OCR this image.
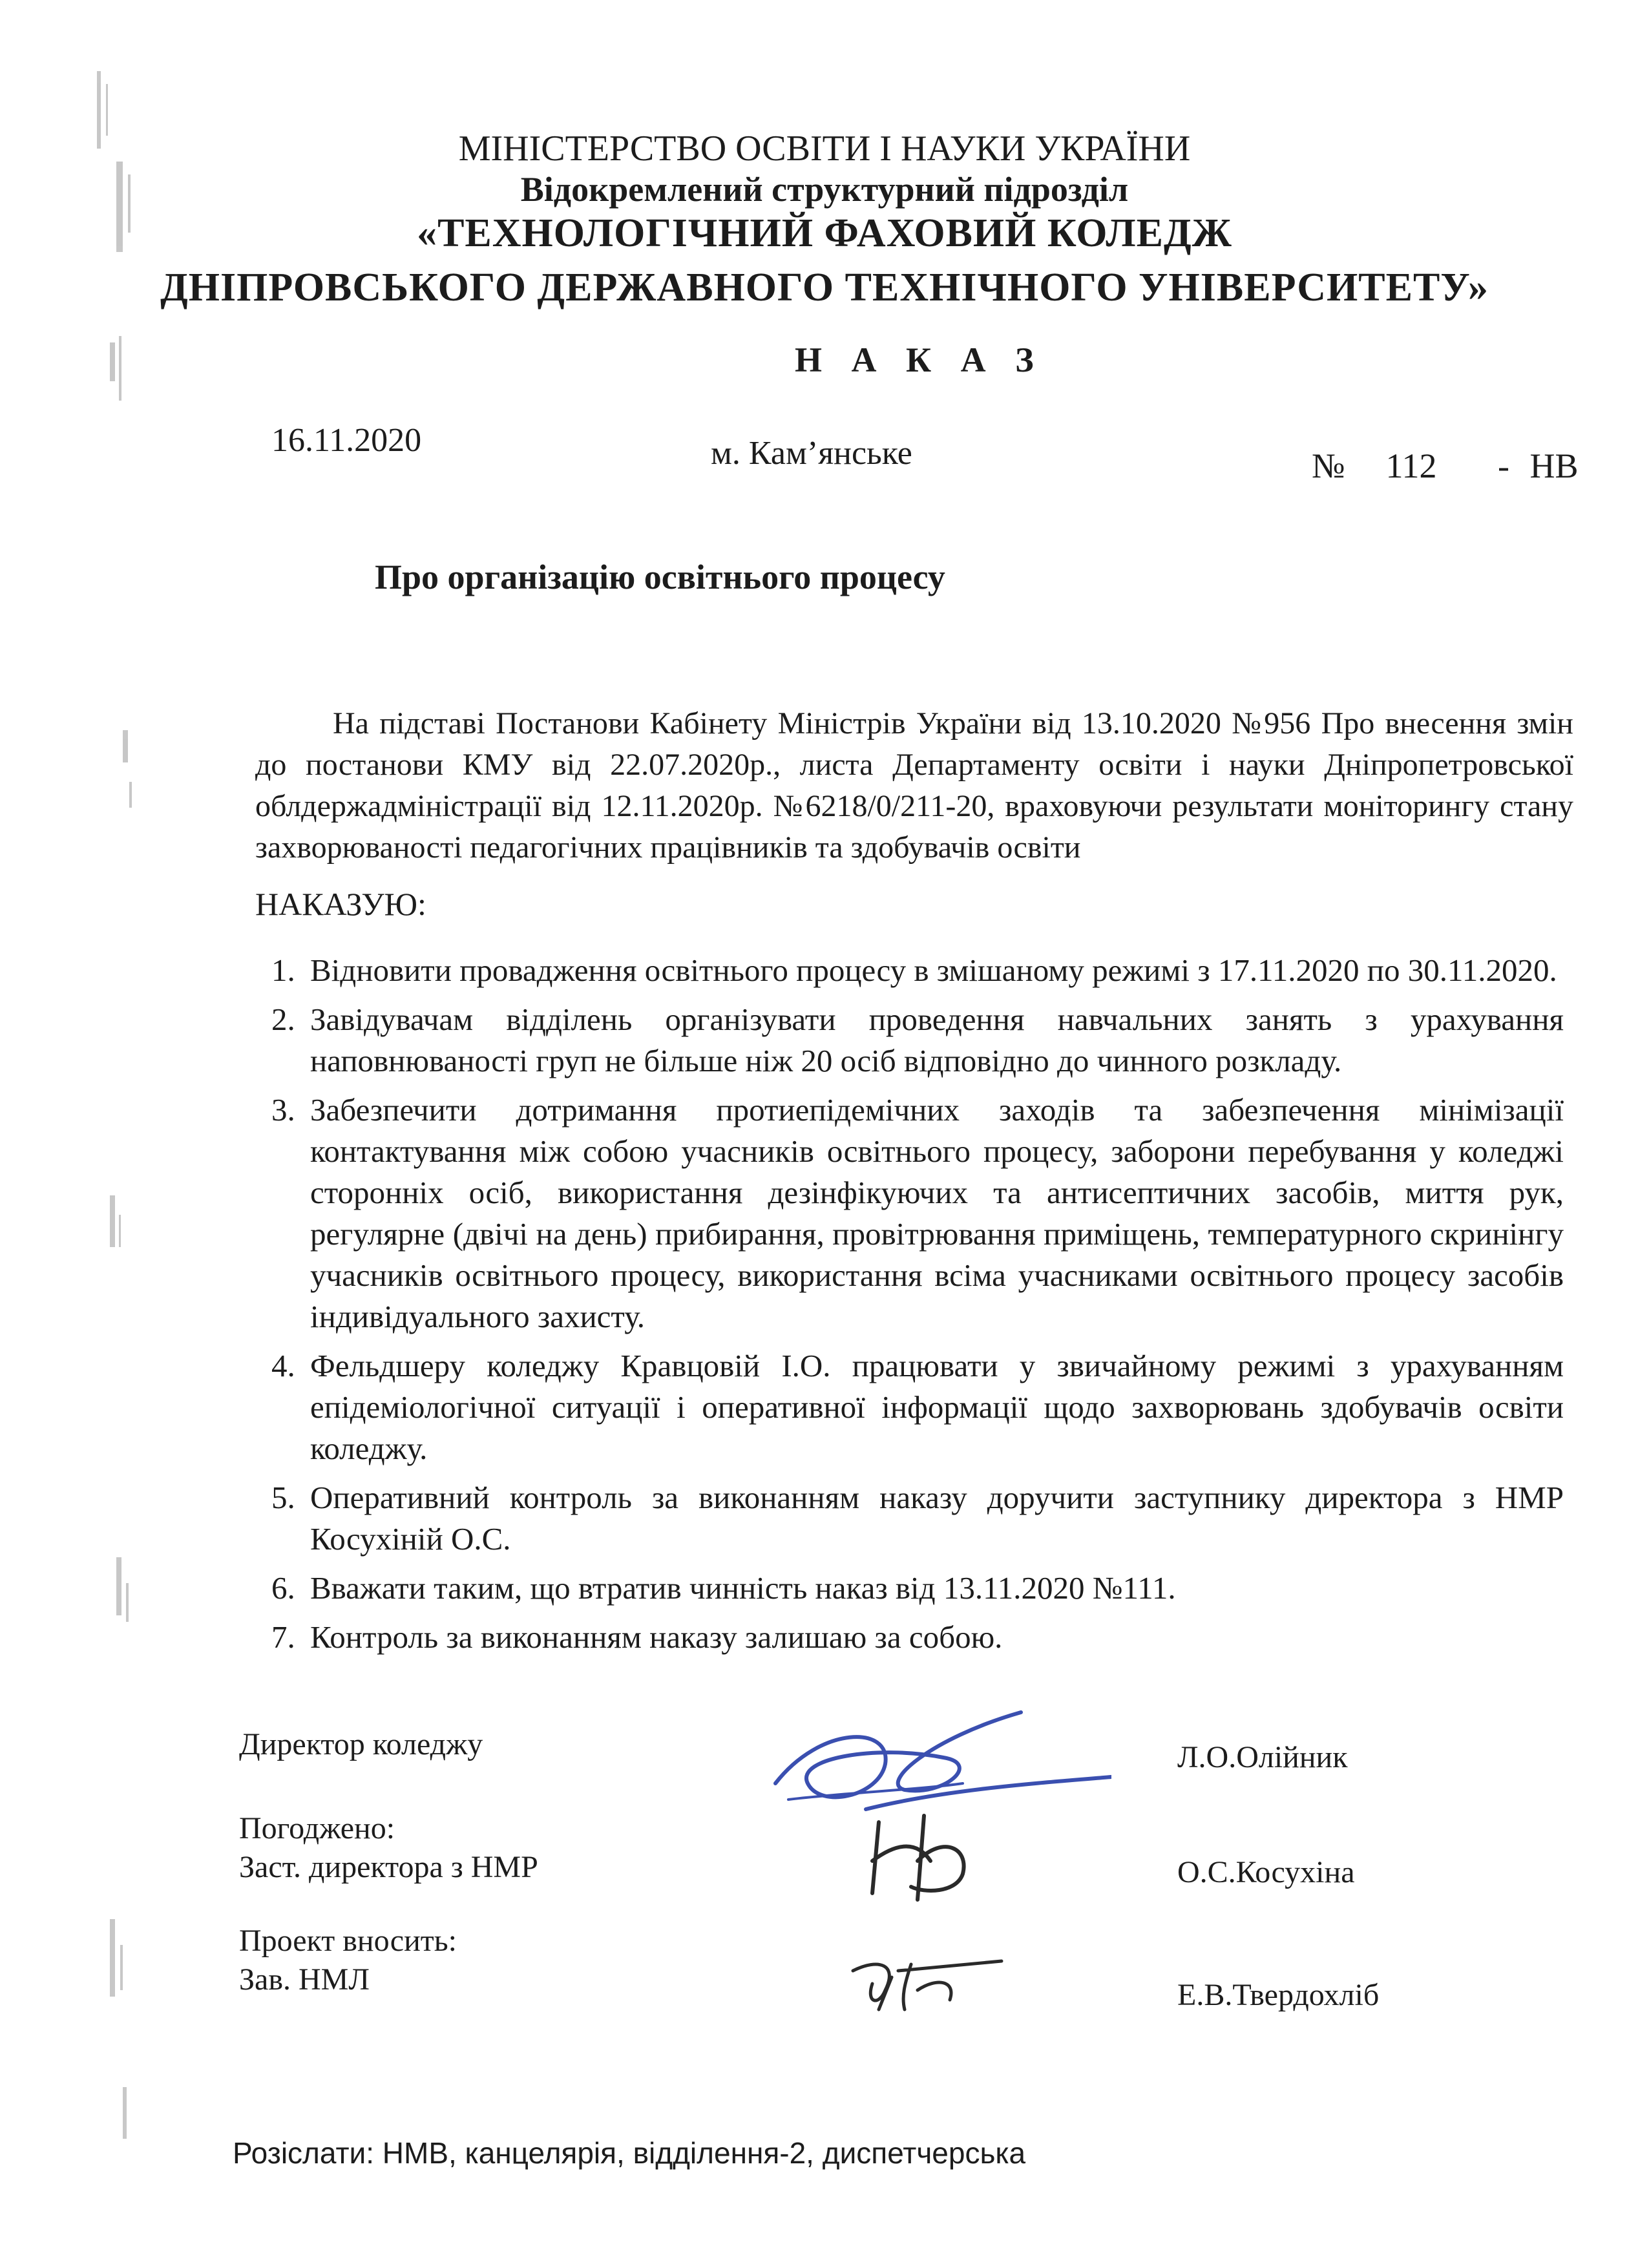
МІНІСТЕРСТВО ОСВІТИ І НАУКИ УКРАЇНИ
Відокремлений структурний підрозділ
«ТЕХНОЛОГІЧНИЙ ФАХОВИЙ КОЛЕДЖ
ДНІПРОВСЬКОГО ДЕРЖАВНОГО ТЕХНІЧНОГО УНІВЕРСИТЕТУ»
Н А К А З
16.11.2020	м. Кам’янське	№  112   - НВ
Про організацію освітнього процесу
На підставі Постанови Кабінету Міністрів України від 13.10.2020 №956 Про внесення змін до постанови КМУ від 22.07.2020р., листа Департаменту освіти і науки Дніпропетровської облдержадміністрації від 12.11.2020р. №6218/0/211-20, враховуючи результати моніторингу стану захворюваності педагогічних працівників та здобувачів освіти
НАКАЗУЮ:
1. Відновити провадження освітнього процесу в змішаному режимі з 17.11.2020 по 30.11.2020.
2. Завідувачам відділень організувати проведення навчальних занять з урахування наповнюваності груп не більше ніж 20 осіб відповідно до чинного розкладу.
3. Забезпечити дотримання протиепідемічних заходів та забезпечення мінімізації контактування між собою учасників освітнього процесу, заборони перебування у коледжі сторонніх осіб, використання дезінфікуючих та антисептичних засобів, миття рук, регулярне (двічі на день) прибирання, провітрювання приміщень, температурного скринінгу учасників освітнього процесу, використання всіма учасниками освітнього процесу засобів індивідуального захисту.
4. Фельдшеру коледжу Кравцовій І.О. працювати у звичайному режимі з урахуванням епідеміологічної ситуації і оперативної інформації щодо захворювань здобувачів освіти коледжу.
5. Оперативний контроль за виконанням наказу доручити заступнику директора з НМР Косухіній О.С.
6. Вважати таким, що втратив чинність наказ від 13.11.2020 №111.
7. Контроль за виконанням наказу залишаю за собою.
Директор коледжу	Л.О.Олійник
Погоджено:
Заст. директора з НМР	О.С.Косухіна
Проект вносить:
Зав. НМЛ	Е.В.Твердохліб
Розіслати: НМВ, канцелярія, відділення-2, диспетчерська
